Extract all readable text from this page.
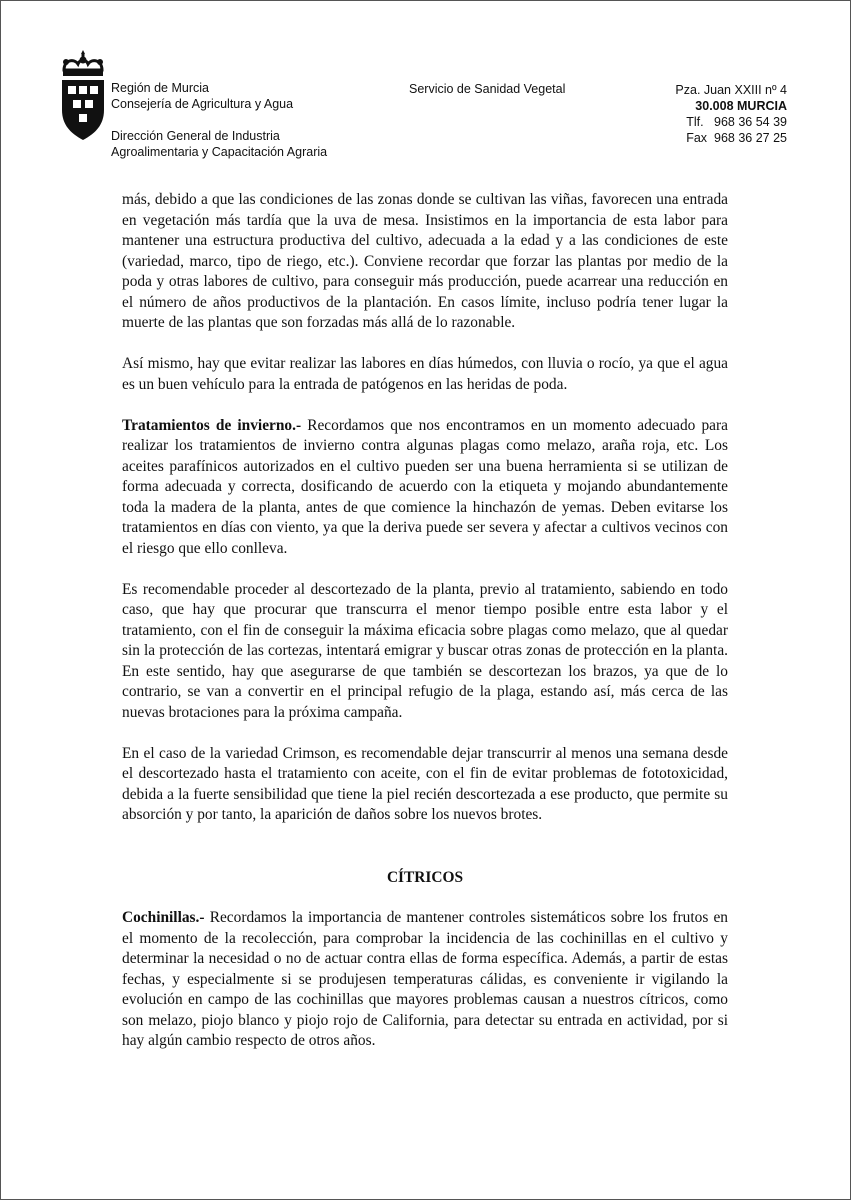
Región de Murcia
Consejería de Agricultura y Agua
Dirección General de Industria
Agroalimentaria y Capacitación Agraria
Servicio de Sanidad Vegetal	Pza. Juan XXIII nº 4
30.008 MURCIA
Tlf.   968 36 54 39
Fax  968 36 27 25

más, debido a que las condiciones de las zonas donde se cultivan las viñas, favorecen una entrada en vegetación más tardía que la uva de mesa. Insistimos en la importancia de esta labor para mantener una estructura productiva del cultivo, adecuada a la edad y a las condiciones de este (variedad, marco, tipo de riego, etc.). Conviene recordar que forzar las plantas por medio de la poda y otras labores de cultivo, para conseguir más producción, puede acarrear una reducción en el número de años productivos de la plantación. En casos límite, incluso podría tener lugar la muerte de las plantas que son forzadas más allá de lo razonable.

Así mismo, hay que evitar realizar las labores en días húmedos, con lluvia o rocío, ya que el agua es un buen vehículo para la entrada de patógenos en las heridas de poda.

Tratamientos de invierno.- Recordamos que nos encontramos en un momento adecuado para realizar los tratamientos de invierno contra algunas plagas como melazo, araña roja, etc. Los aceites parafínicos autorizados en el cultivo pueden ser una buena herramienta si se utilizan de forma adecuada y correcta, dosificando de acuerdo con la etiqueta y mojando abundantemente toda la madera de la planta, antes de que comience la hinchazón de yemas. Deben evitarse los tratamientos en días con viento, ya que la deriva puede ser severa y afectar a cultivos vecinos con el riesgo que ello conlleva.

Es recomendable proceder al descortezado de la planta, previo al tratamiento, sabiendo en todo caso, que hay que procurar que transcurra el menor tiempo posible entre esta labor y el tratamiento, con el fin de conseguir la máxima eficacia sobre plagas como melazo, que al quedar sin la protección de las cortezas, intentará emigrar y buscar otras zonas de protección en la planta. En este sentido, hay que asegurarse de que también se descortezan los brazos, ya que de lo contrario, se van a convertir en el principal refugio de la plaga, estando así, más cerca de las nuevas brotaciones para la próxima campaña.

En el caso de la variedad Crimson, es recomendable dejar transcurrir al menos una semana desde el descortezado hasta el tratamiento con aceite, con el fin de evitar problemas de fototoxicidad, debida a la fuerte sensibilidad que tiene la piel recién descortezada a ese producto, que permite su absorción y por tanto, la aparición de daños sobre los nuevos brotes.

CÍTRICOS

Cochinillas.- Recordamos la importancia de mantener controles sistemáticos sobre los frutos en el momento de la recolección, para comprobar la incidencia de las cochinillas en el cultivo y determinar la necesidad o no de actuar contra ellas de forma específica. Además, a partir de estas fechas, y especialmente si se produjesen temperaturas cálidas, es conveniente ir vigilando la evolución en campo de las cochinillas que mayores problemas causan a nuestros cítricos, como son melazo, piojo blanco y piojo rojo de California, para detectar su entrada en actividad, por si hay algún cambio respecto de otros años.
